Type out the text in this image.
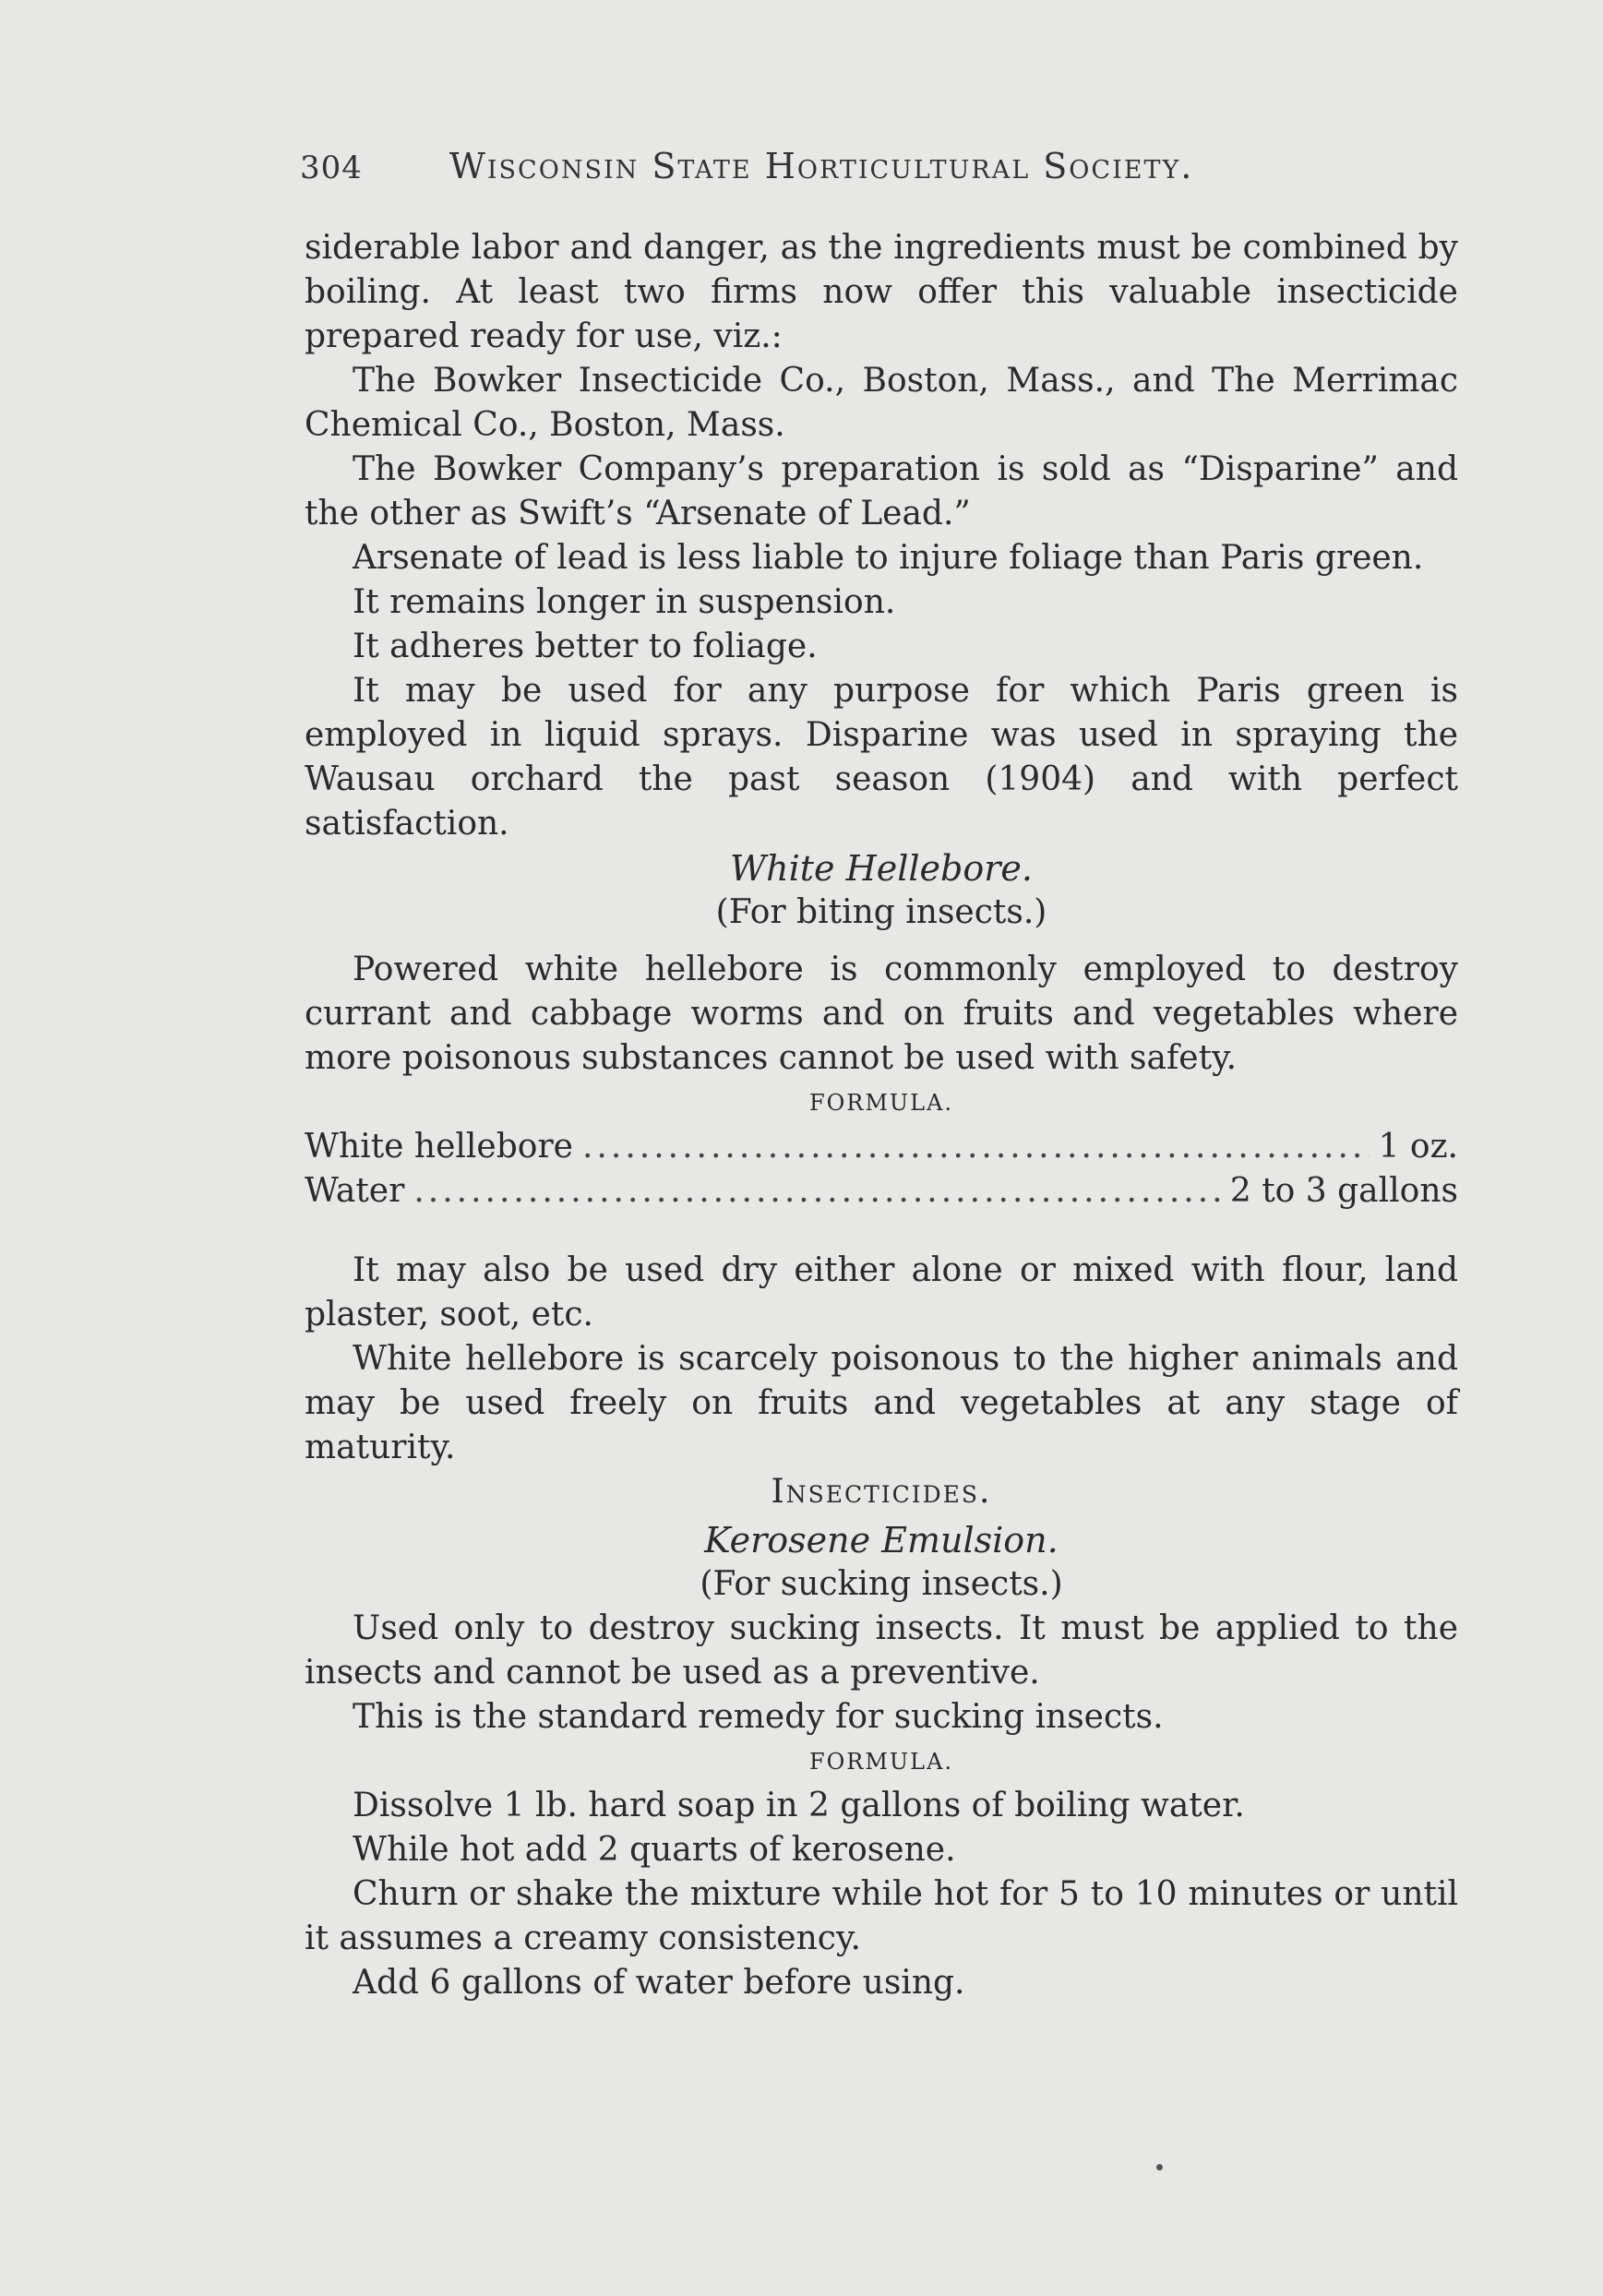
304 Wisconsin State Horticultural Society.

siderable labor and danger, as the ingredients must be combined by boiling. At least two firms now offer this valuable insecticide prepared ready for use, viz.:

The Bowker Insecticide Co., Boston, Mass., and The Merrimac Chemical Co., Boston, Mass.

The Bowker Company’s preparation is sold as “Disparine” and the other as Swift’s “Arsenate of Lead.”

Arsenate of lead is less liable to injure foliage than Paris green.

It remains longer in suspension.

It adheres better to foliage.

It may be used for any purpose for which Paris green is employed in liquid sprays. Disparine was used in spraying the Wausau orchard the past season (1904) and with perfect satisfaction.

White Hellebore.

(For biting insects.)

Powered white hellebore is commonly employed to destroy currant and cabbage worms and on fruits and vegetables where more poisonous substances cannot be used with safety.

FORMULA.

White hellebore .....	1 oz.
Water .....	2 to 3 gallons

It may also be used dry either alone or mixed with flour, land plaster, soot, etc.

White hellebore is scarcely poisonous to the higher animals and may be used freely on fruits and vegetables at any stage of maturity.

Insecticides.

Kerosene Emulsion.

(For sucking insects.)

Used only to destroy sucking insects. It must be applied to the insects and cannot be used as a preventive.

This is the standard remedy for sucking insects.

FORMULA.

Dissolve 1 lb. hard soap in 2 gallons of boiling water.

While hot add 2 quarts of kerosene.

Churn or shake the mixture while hot for 5 to 10 minutes or until it assumes a creamy consistency.

Add 6 gallons of water before using.
